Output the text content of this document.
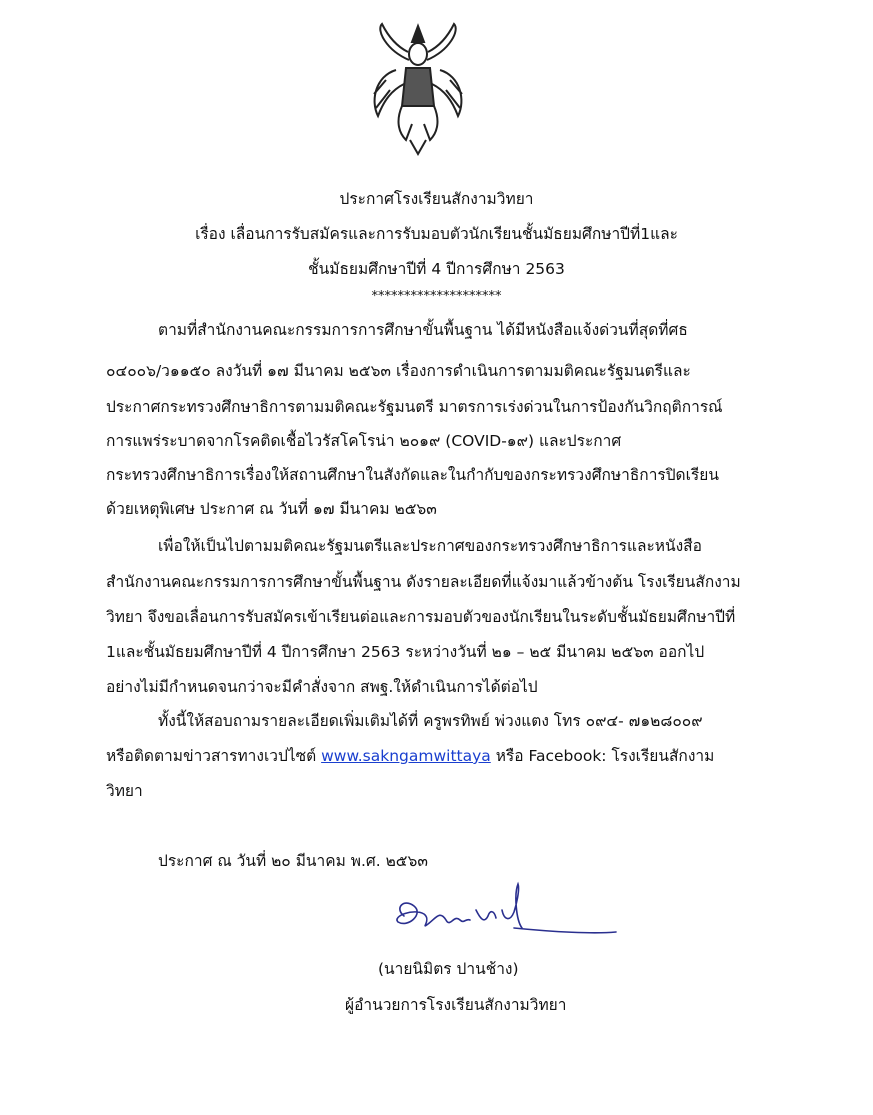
ประกาศโรงเรียนสักงามวิทยา
เรื่อง เลื่อนการรับสมัครและการรับมอบตัวนักเรียนชั้นมัธยมศึกษาปีที่1และ
ชั้นมัธยมศึกษาปีที่ 4 ปีการศึกษา 2563
********************
ตามที่สำนักงานคณะกรรมการการศึกษาขั้นพื้นฐาน ได้มีหนังสือแจ้งด่วนที่สุดที่ศธ
๐๔๐๐๖/ว๑๑๕๐ ลงวันที่ ๑๗ มีนาคม ๒๕๖๓ เรื่องการดำเนินการตามมติคณะรัฐมนตรีและ
ประกาศกระทรวงศึกษาธิการตามมติคณะรัฐมนตรี มาตรการเร่งด่วนในการป้องกันวิกฤติการณ์
การแพร่ระบาดจากโรคติดเชื้อไวรัสโคโรน่า ๒๐๑๙ (COVID-๑๙) และประกาศ
กระทรวงศึกษาธิการเรื่องให้สถานศึกษาในสังกัดและในกำกับของกระทรวงศึกษาธิการปิดเรียน
ด้วยเหตุพิเศษ ประกาศ ณ วันที่ ๑๗ มีนาคม ๒๕๖๓
เพื่อให้เป็นไปตามมติคณะรัฐมนตรีและประกาศของกระทรวงศึกษาธิการและหนังสือ
สำนักงานคณะกรรมการการศึกษาขั้นพื้นฐาน ดังรายละเอียดที่แจ้งมาแล้วข้างต้น โรงเรียนสักงาม
วิทยา จึงขอเลื่อนการรับสมัครเข้าเรียนต่อและการมอบตัวของนักเรียนในระดับชั้นมัธยมศึกษาปีที่
1และชั้นมัธยมศึกษาปีที่ 4 ปีการศึกษา 2563 ระหว่างวันที่ ๒๑ – ๒๕ มีนาคม ๒๕๖๓ ออกไป
อย่างไม่มีกำหนดจนกว่าจะมีคำสั่งจาก สพฐ.ให้ดำเนินการได้ต่อไป
ทั้งนี้ให้สอบถามรายละเอียดเพิ่มเติมได้ที่ ครูพรทิพย์ พ่วงแตง โทร ๐๙๔- ๗๑๒๘๐๐๙
หรือติดตามข่าวสารทางเวปไซต์ www.sakngamwittaya หรือ Facebook: โรงเรียนสักงาม
วิทยา
ประกาศ ณ วันที่ ๒๐ มีนาคม พ.ศ. ๒๕๖๓
(นายนิมิตร ปานช้าง)
ผู้อำนวยการโรงเรียนสักงามวิทยา
